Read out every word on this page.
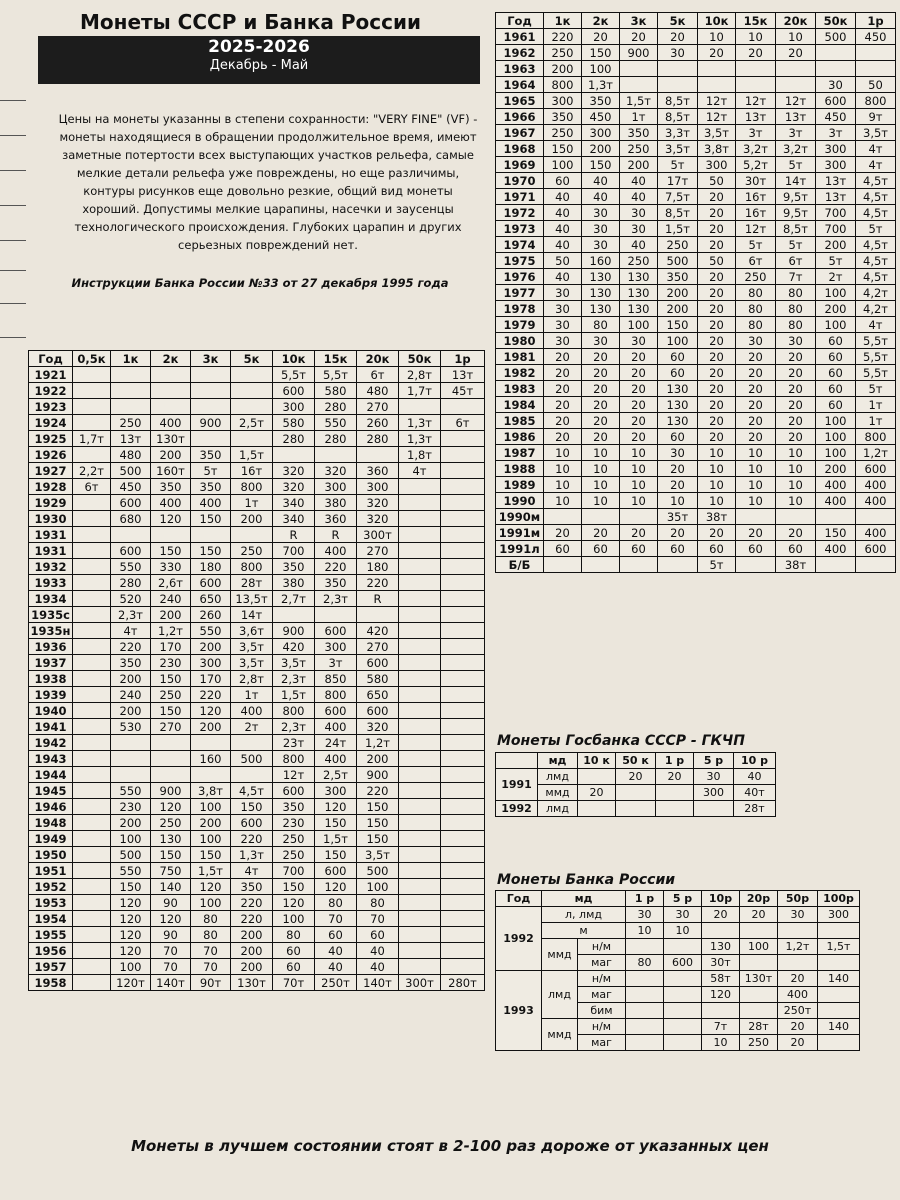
Монеты СССР и Банка России
2025-2026
Декабрь - Май
Цены на монеты указанны в степени сохранности: "VERY FINE" (VF) - монеты находящиеся в обращении продолжительное время, имеют заметные потертости всех выступающих участков рельефа, самые мелкие детали рельефа уже повреждены, но еще различимы, контуры рисунков еще довольно резкие, общий вид монеты хороший. Допустимы мелкие царапины, насечки и заусенцы технологического происхождения. Глубоких царапин и других серьезных повреждений нет.
Инструкции Банка России №33 от 27 декабря 1995 года
Год	0,5к	1к	2к	3к	5к	10к	15к	20к	50к	1р
1921						5,5т	5,5т	6т	2,8т	13т
1922						600	580	480	1,7т	45т
1923						300	280	270		
1924		250	400	900	2,5т	580	550	260	1,3т	6т
1925	1,7т	13т	130т			280	280	280	1,3т	
1926		480	200	350	1,5т				1,8т	
1927	2,2т	500	160т	5т	16т	320	320	360	4т	
1928	6т	450	350	350	800	320	300	300		
1929		600	400	400	1т	340	380	320		
1930		680	120	150	200	340	360	320		
1931						R	R	300т		
1931		600	150	150	250	700	400	270		
1932		550	330	180	800	350	220	180		
1933		280	2,6т	600	28т	380	350	220		
1934		520	240	650	13,5т	2,7т	2,3т	R		
1935с		2,3т	200	260	14т					
1935н		4т	1,2т	550	3,6т	900	600	420		
1936		220	170	200	3,5т	420	300	270		
1937		350	230	300	3,5т	3,5т	3т	600		
1938		200	150	170	2,8т	2,3т	850	580		
1939		240	250	220	1т	1,5т	800	650		
1940		200	150	120	400	800	600	600		
1941		530	270	200	2т	2,3т	400	320		
1942						23т	24т	1,2т		
1943				160	500	800	400	200		
1944						12т	2,5т	900		
1945		550	900	3,8т	4,5т	600	300	220		
1946		230	120	100	150	350	120	150		
1948		200	250	200	600	230	150	150		
1949		100	130	100	220	250	1,5т	150		
1950		500	150	150	1,3т	250	150	3,5т		
1951		550	750	1,5т	4т	700	600	500		
1952		150	140	120	350	150	120	100		
1953		120	90	100	220	120	80	80		
1954		120	120	80	220	100	70	70		
1955		120	90	80	200	80	60	60		
1956		120	70	70	200	60	40	40		
1957		100	70	70	200	60	40	40		
1958		120т	140т	90т	130т	70т	250т	140т	300т	280т
Год	1к	2к	3к	5к	10к	15к	20к	50к	1р
1961	220	20	20	20	10	10	10	500	450
1962	250	150	900	30	20	20	20		
1963	200	100							
1964	800	1,3т						30	50
1965	300	350	1,5т	8,5т	12т	12т	12т	600	800
1966	350	450	1т	8,5т	12т	13т	13т	450	9т
1967	250	300	350	3,3т	3,5т	3т	3т	3т	3,5т
1968	150	200	250	3,5т	3,8т	3,2т	3,2т	300	4т
1969	100	150	200	5т	300	5,2т	5т	300	4т
1970	60	40	40	17т	50	30т	14т	13т	4,5т
1971	40	40	40	7,5т	20	16т	9,5т	13т	4,5т
1972	40	30	30	8,5т	20	16т	9,5т	700	4,5т
1973	40	30	30	1,5т	20	12т	8,5т	700	5т
1974	40	30	40	250	20	5т	5т	200	4,5т
1975	50	160	250	500	50	6т	6т	5т	4,5т
1976	40	130	130	350	20	250	7т	2т	4,5т
1977	30	130	130	200	20	80	80	100	4,2т
1978	30	130	130	200	20	80	80	200	4,2т
1979	30	80	100	150	20	80	80	100	4т
1980	30	30	30	100	20	30	30	60	5,5т
1981	20	20	20	60	20	20	20	60	5,5т
1982	20	20	20	60	20	20	20	60	5,5т
1983	20	20	20	130	20	20	20	60	5т
1984	20	20	20	130	20	20	20	60	1т
1985	20	20	20	130	20	20	20	100	1т
1986	20	20	20	60	20	20	20	100	800
1987	10	10	10	30	10	10	10	100	1,2т
1988	10	10	10	20	10	10	10	200	600
1989	10	10	10	20	10	10	10	400	400
1990	10	10	10	10	10	10	10	400	400
1990м				35т	38т				
1991м	20	20	20	20	20	20	20	150	400
1991л	60	60	60	60	60	60	60	400	600
Б/Б					5т		38т		
Монеты Госбанка СССР - ГКЧП
	мд	10 к	50 к	1 р	5 р	10 р
1991	лмд		20	20	30	40
	ммд	20			300	40т
1992	лмд					28т
Монеты Банка России
Год	мд		1 р	5 р	10р	20р	50р	100р
1992	л, лмд		30	30	20	20	30	300
	м		10	10				
	ммд	н/м			130	100	1,2т	1,5т
		маг	80	600	30т			
1993	лмд	н/м			58т	130т	20	140
		маг			120		400	
		бим					250т	
	ммд	н/м			7т	28т	20	140
		маг			10	250	20	
Монеты в лучшем состоянии стоят в 2-100 раз дороже от указанных цен
